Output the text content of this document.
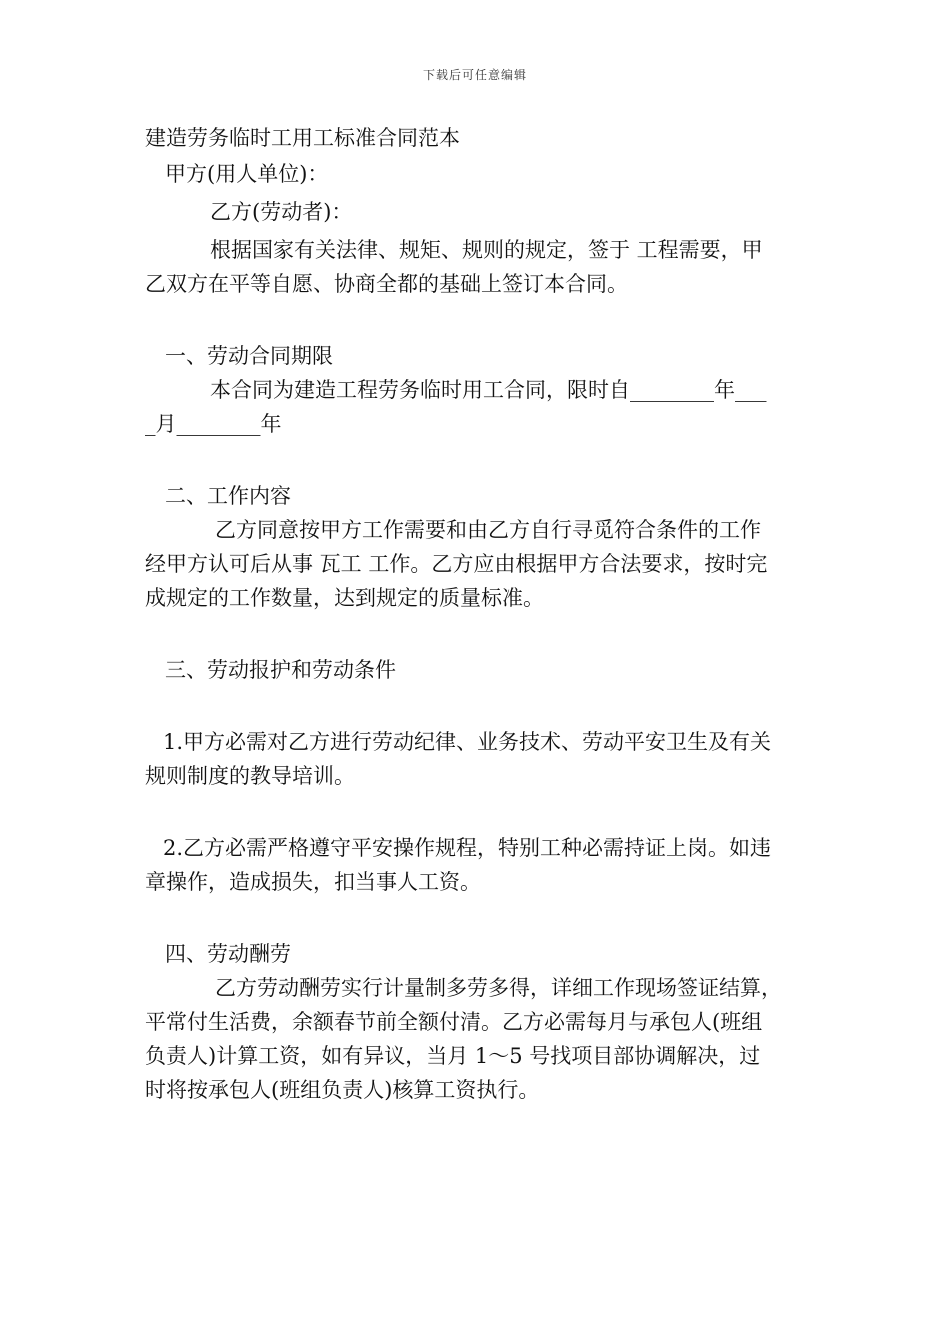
下载后可任意编辑

建造劳务临时工用工标准合同范本

甲方(用人单位)：

乙方(劳动者)：

根据国家有关法律、规矩、规则的规定，签于 工程需要，甲
乙双方在平等自愿、协商全都的基础上签订本合同。

一、劳动合同期限

本合同为建造工程劳务临时用工合同，限时自________年___
_月________年

二、工作内容

乙方同意按甲方工作需要和由乙方自行寻觅符合条件的工作
经甲方认可后从事 瓦工 工作。乙方应由根据甲方合法要求，按时完
成规定的工作数量，达到规定的质量标准。

三、劳动报护和劳动条件

1.甲方必需对乙方进行劳动纪律、业务技术、劳动平安卫生及有关
规则制度的教导培训。
2.乙方必需严格遵守平安操作规程，特别工种必需持证上岗。如违
章操作，造成损失，扣当事人工资。

四、劳动酬劳

乙方劳动酬劳实行计量制多劳多得，详细工作现场签证结算，
平常付生活费，余额春节前全额付清。乙方必需每月与承包人(班组
负责人)计算工资，如有异议，当月 1～5 号找项目部协调解决，过
时将按承包人(班组负责人)核算工资执行。
